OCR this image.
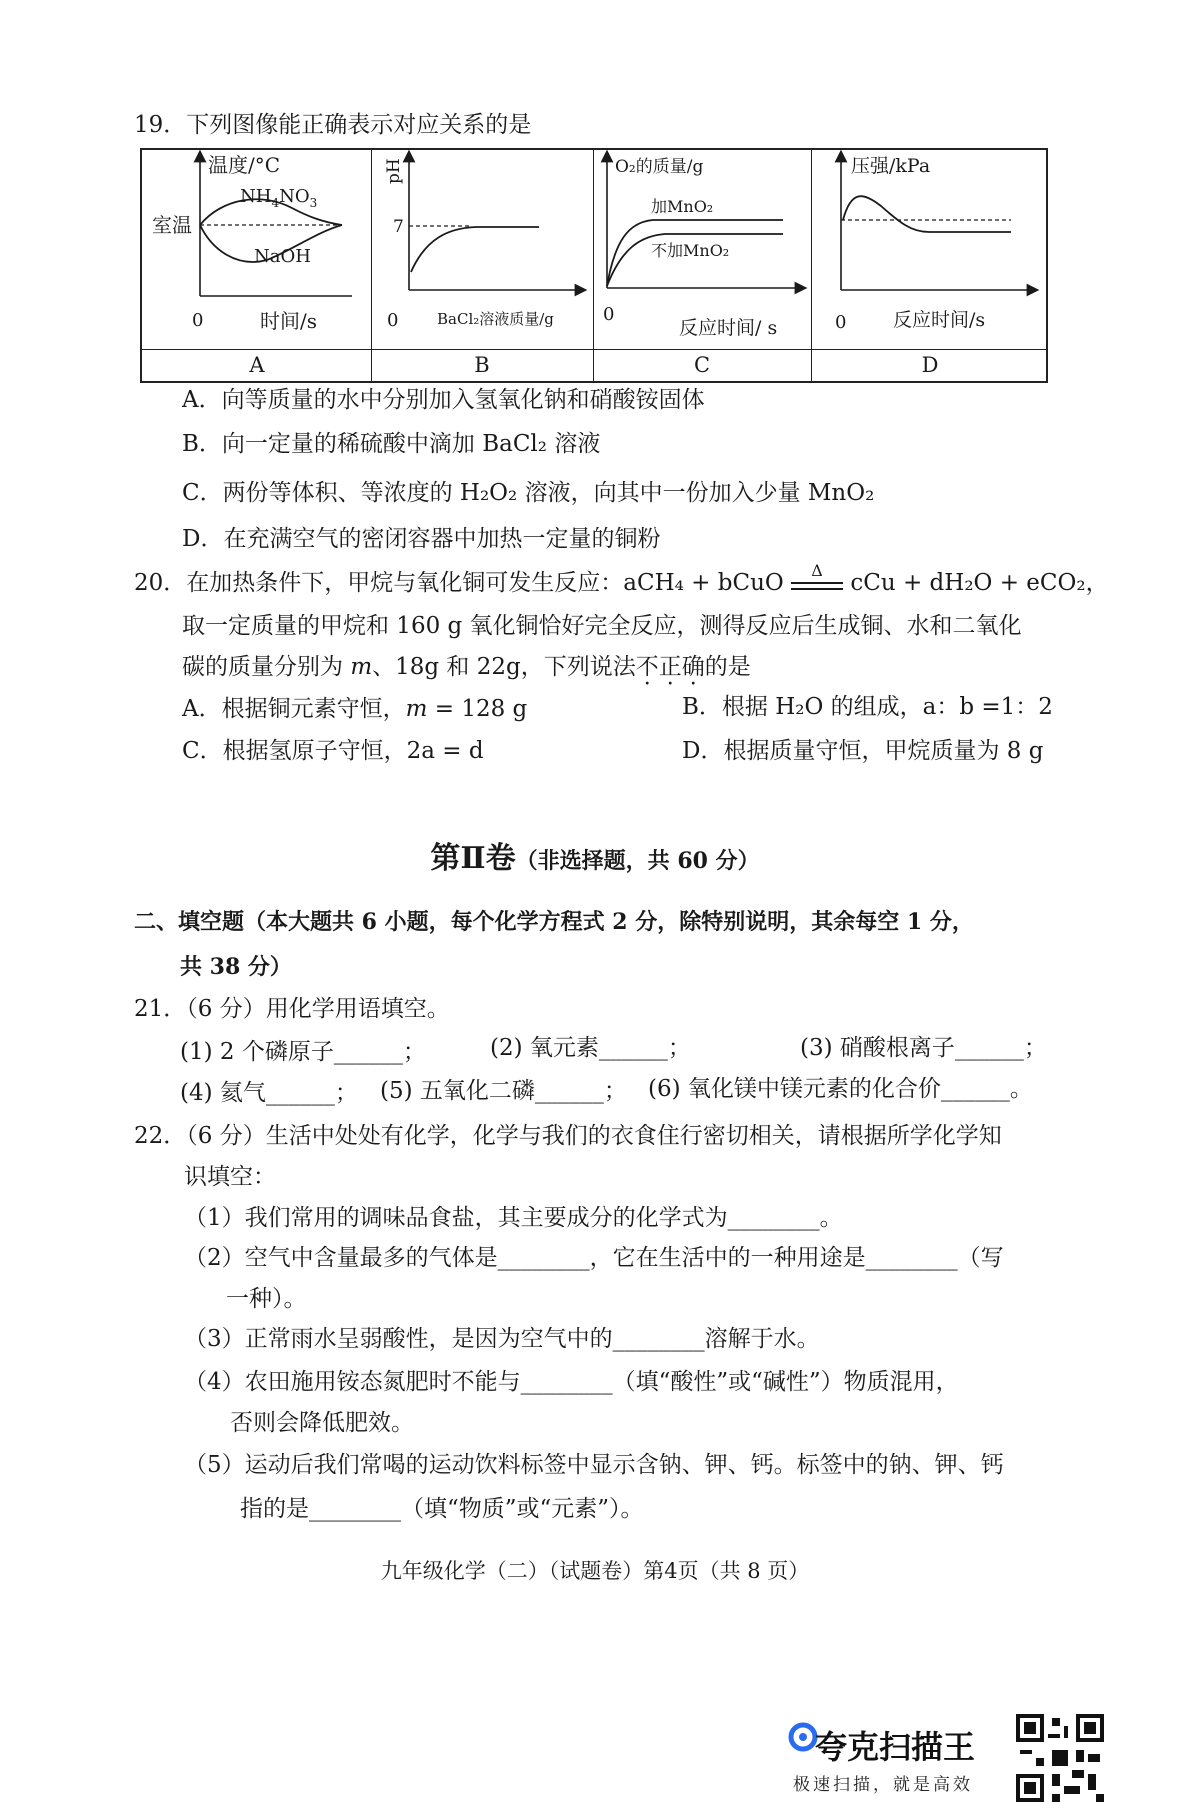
19．下列图像能正确表示对应关系的是
温度/°C
室温
$NH_4NO_3$
NaOH
0	时间/s
pH
7
0	BaCl₂溶液质量/g
O₂的质量/g
加MnO₂
不加MnO₂
0
反应时间/ s
压强/kPa
0 反应时间/s
A	B	C	D
A．向等质量的水中分别加入氢氧化钠和硝酸铵固体
B．向一定量的稀硫酸中滴加 BaCl₂ 溶液
C．两份等体积、等浓度的 H₂O₂ 溶液，向其中一份加入少量 MnO₂
D．在充满空气的密闭容器中加热一定量的铜粉
20．在加热条件下，甲烷与氧化铜可发生反应：aCH₄ + bCuO	Δ	cCu + dH₂O + eCO₂，
取一定质量的甲烷和 160 g 氧化铜恰好完全反应，测得反应后生成铜、水和二氧化
碳的质量分别为 m、18g 和 22g，下列说法不正确的是
A．根据铜元素守恒，m = 128 g	B．根据 H₂O 的组成，a：b =1：2
C．根据氢原子守恒，2a = d	D．根据质量守恒，甲烷质量为 8 g
第Ⅱ卷（非选择题，共 60 分）
二、填空题（本大题共 6 小题，每个化学方程式 2 分，除特别说明，其余每空 1 分，
共 38 分）
21．（6 分）用化学用语填空。
(1) 2 个磷原子______；	(2) 氧元素______；	(3) 硝酸根离子______；
(4) 氦气______； (5) 五氧化二磷______； (6) 氧化镁中镁元素的化合价______。
22．（6 分）生活中处处有化学，化学与我们的衣食住行密切相关，请根据所学化学知
识填空：
（1）我们常用的调味品食盐，其主要成分的化学式为________。
（2）空气中含量最多的气体是________，它在生活中的一种用途是________（写
一种）。
（3）正常雨水呈弱酸性，是因为空气中的________溶解于水。
（4）农田施用铵态氮肥时不能与________（填“酸性”或“碱性”）物质混用，
否则会降低肥效。
（5）运动后我们常喝的运动饮料标签中显示含钠、钾、钙。标签中的钠、钾、钙
指的是________（填“物质”或“元素”）。
九年级化学（二）（试题卷）第4页（共 8 页）
夸克扫描王
极速扫描，就是高效
